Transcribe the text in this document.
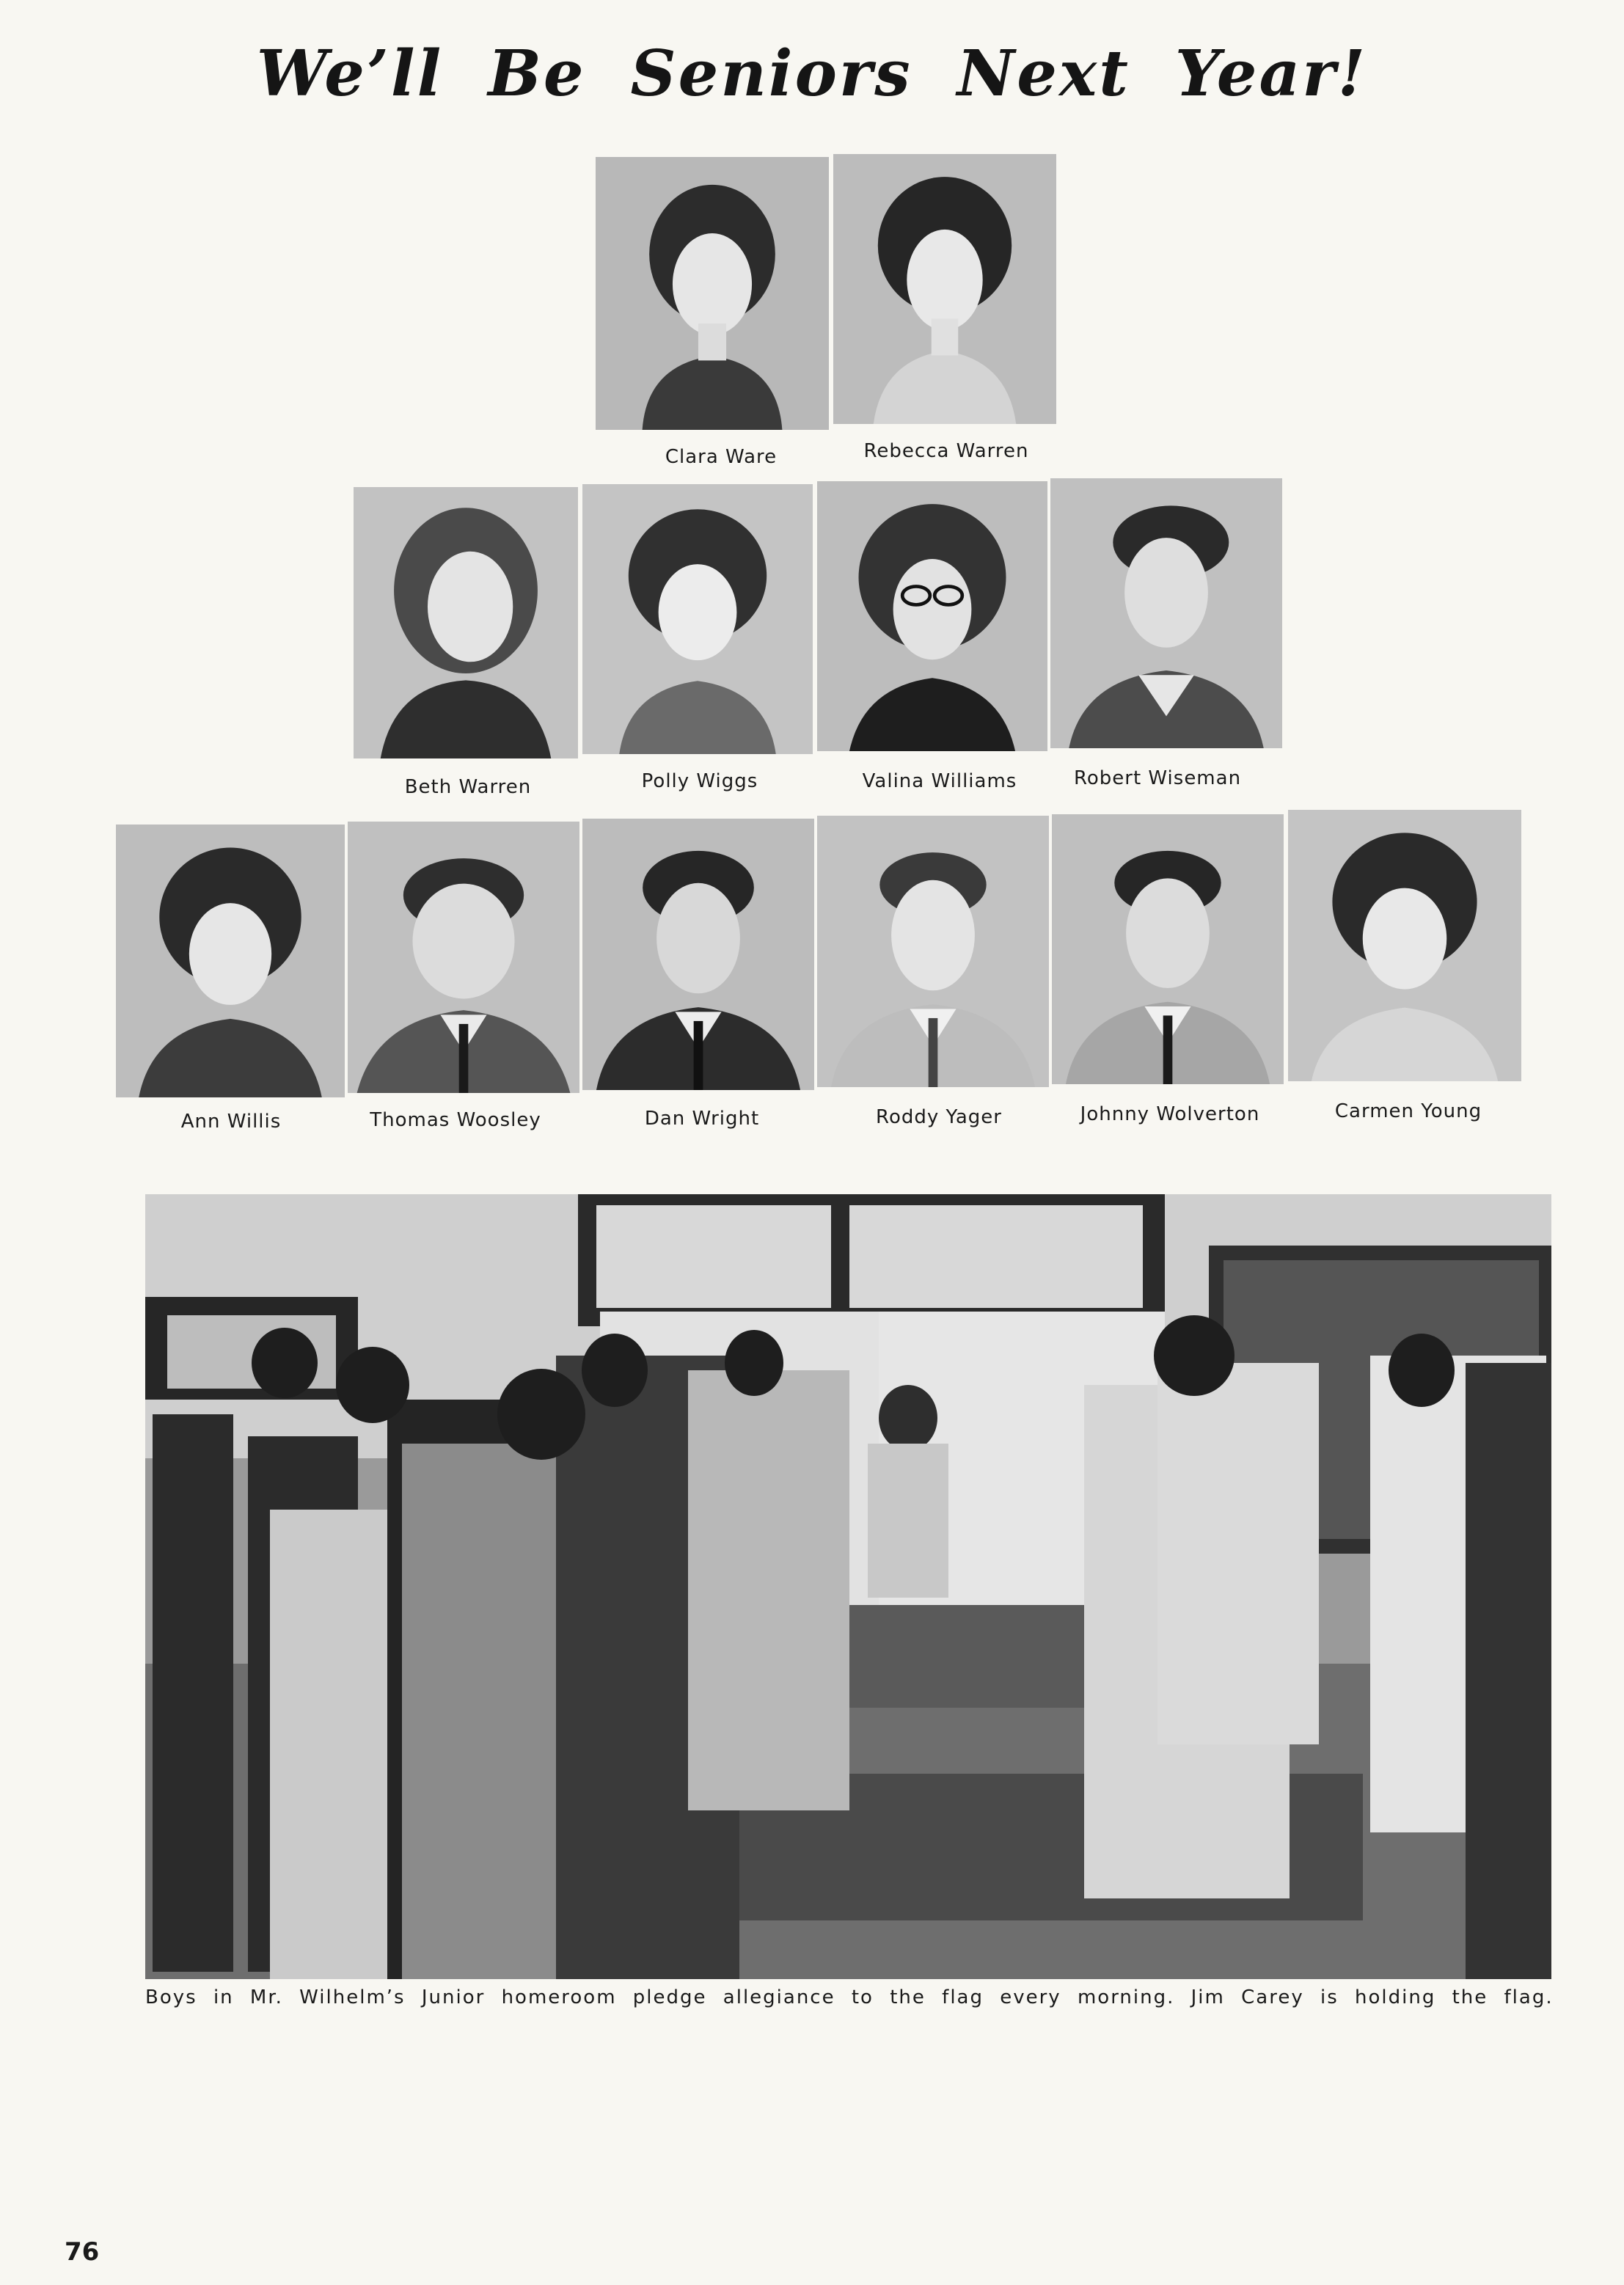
We’ll Be Seniors Next Year!
Clara Ware	Rebecca Warren
Beth Warren	Polly Wiggs	Valina Williams	Robert Wiseman
Ann Willis	Thomas Woosley	Dan Wright	Roddy Yager	Johnny Wolverton	Carmen Young
Boys in Mr. Wilhelm’s Junior homeroom pledge allegiance to the flag every morning. Jim Carey is holding the flag.
76
